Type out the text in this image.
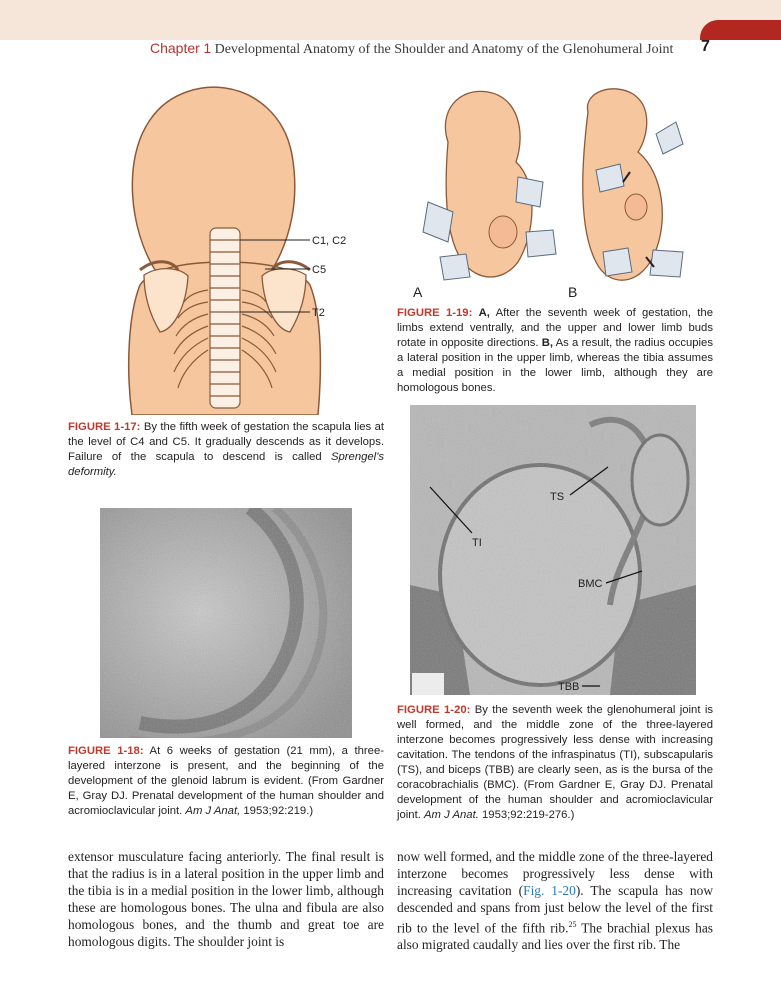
Chapter 1 Developmental Anatomy of the Shoulder and Anatomy of the Glenohumeral Joint	7
C1, C2
C5
T2
FIGURE 1-17: By the fifth week of gestation the scapula lies at the level of C4 and C5. It gradually descends as it develops. Failure of the scapula to descend is called Sprengel's deformity.
A	B
FIGURE 1-19: A, After the seventh week of gestation, the limbs extend ventrally, and the upper and lower limb buds rotate in opposite directions. B, As a result, the radius occupies a lateral position in the upper limb, whereas the tibia assumes a medial position in the lower limb, although they are homologous bones.
FIGURE 1-18: At 6 weeks of gestation (21 mm), a three-layered interzone is present, and the beginning of the development of the glenoid labrum is evident. (From Gardner E, Gray DJ. Prenatal development of the human shoulder and acromioclavicular joint. Am J Anat, 1953;92:219.)
TS
TI
BMC
TBB
FIGURE 1-20: By the seventh week the glenohumeral joint is well formed, and the middle zone of the three-layered interzone becomes progressively less dense with increasing cavitation. The tendons of the infraspinatus (TI), subscapularis (TS), and biceps (TBB) are clearly seen, as is the bursa of the coracobrachialis (BMC). (From Gardner E, Gray DJ. Prenatal development of the human shoulder and acromioclavicular joint. Am J Anat. 1953;92:219-276.)
extensor musculature facing anteriorly. The final result is that the radius is in a lateral position in the upper limb and the tibia is in a medial position in the lower limb, although these are homologous bones. The ulna and fibula are also homologous bones, and the thumb and great toe are homologous digits. The shoulder joint is
now well formed, and the middle zone of the three-layered interzone becomes progressively less dense with increasing cavitation (Fig. 1-20). The scapula has now descended and spans from just below the level of the first rib to the level of the fifth rib.$^{25}$ The brachial plexus has also migrated caudally and lies over the first rib. The
